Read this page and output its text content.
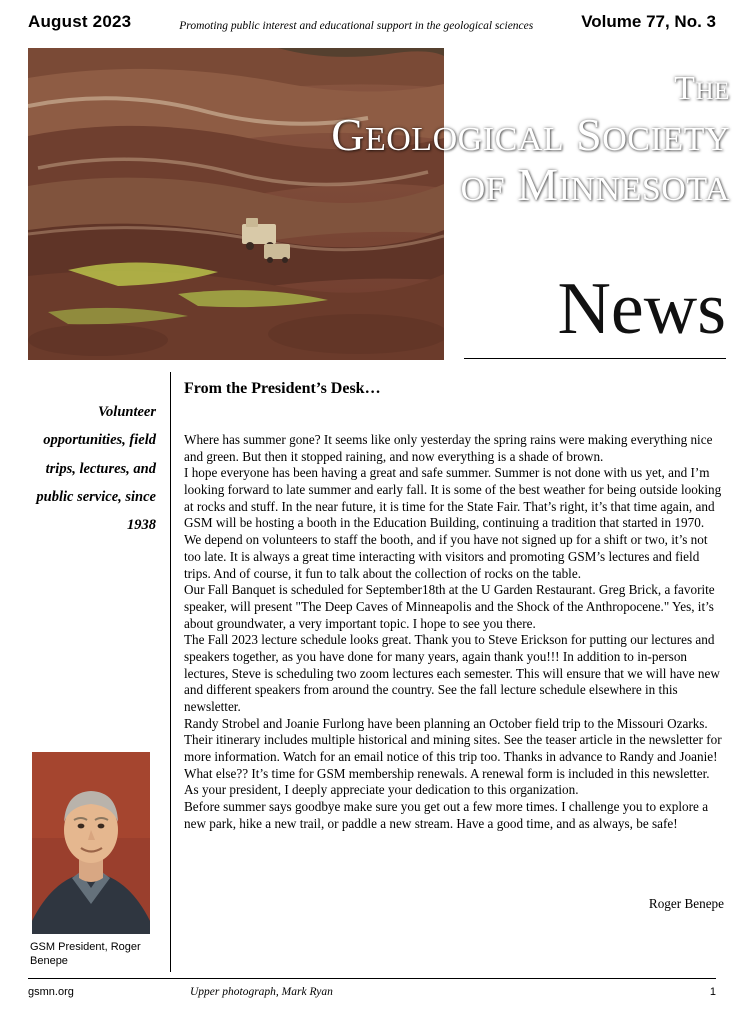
August 2023	Promoting public interest and educational support in the geological sciences	Volume 77, No. 3
THE
GEOLOGICAL SOCIETY
OF MINNESOTA
News
Volunteer opportunities, field trips, lectures, and public service, since 1938
GSM President, Roger Benepe
From the President’s Desk…

Where has summer gone? It seems like only yesterday the spring rains were making everything nice and green. But then it stopped raining, and now everything is a shade of brown.

I hope everyone has been having a great and safe summer. Summer is not done with us yet, and I’m looking forward to late summer and early fall. It is some of the best weather for being outside looking at rocks and stuff. In the near future, it is time for the State Fair. That’s right, it’s that time again, and GSM will be hosting a booth in the Education Building, continuing a tradition that started in 1970. We depend on volunteers to staff the booth, and if you have not signed up for a shift or two, it’s not too late. It is always a great time interacting with visitors and promoting GSM’s lectures and field trips. And of course, it fun to talk about the collection of rocks on the table.

Our Fall Banquet is scheduled for September18th at the U Garden Restaurant. Greg Brick, a favorite speaker, will present "The Deep Caves of Minneapolis and the Shock of the Anthropocene." Yes, it’s about groundwater, a very important topic. I hope to see you there.

The Fall 2023 lecture schedule looks great. Thank you to Steve Erickson for putting our lectures and speakers together, as you have done for many years, again thank you!!! In addition to in-person lectures, Steve is scheduling two zoom lectures each semester. This will ensure that we will have new and different speakers from around the country. See the fall lecture schedule elsewhere in this newsletter.

Randy Strobel and Joanie Furlong have been planning an October field trip to the Missouri Ozarks. Their itinerary includes multiple historical and mining sites. See the teaser article in the newsletter for more information. Watch for an email notice of this trip too. Thanks in advance to Randy and Joanie!

What else?? It’s time for GSM membership renewals. A renewal form is included in this newsletter. As your president, I deeply appreciate your dedication to this organization.

Before summer says goodbye make sure you get out a few more times. I challenge you to explore a new park, hike a new trail, or paddle a new stream. Have a good time, and as always, be safe!

Roger Benepe
gsmn.org	Upper photograph, Mark Ryan	1
